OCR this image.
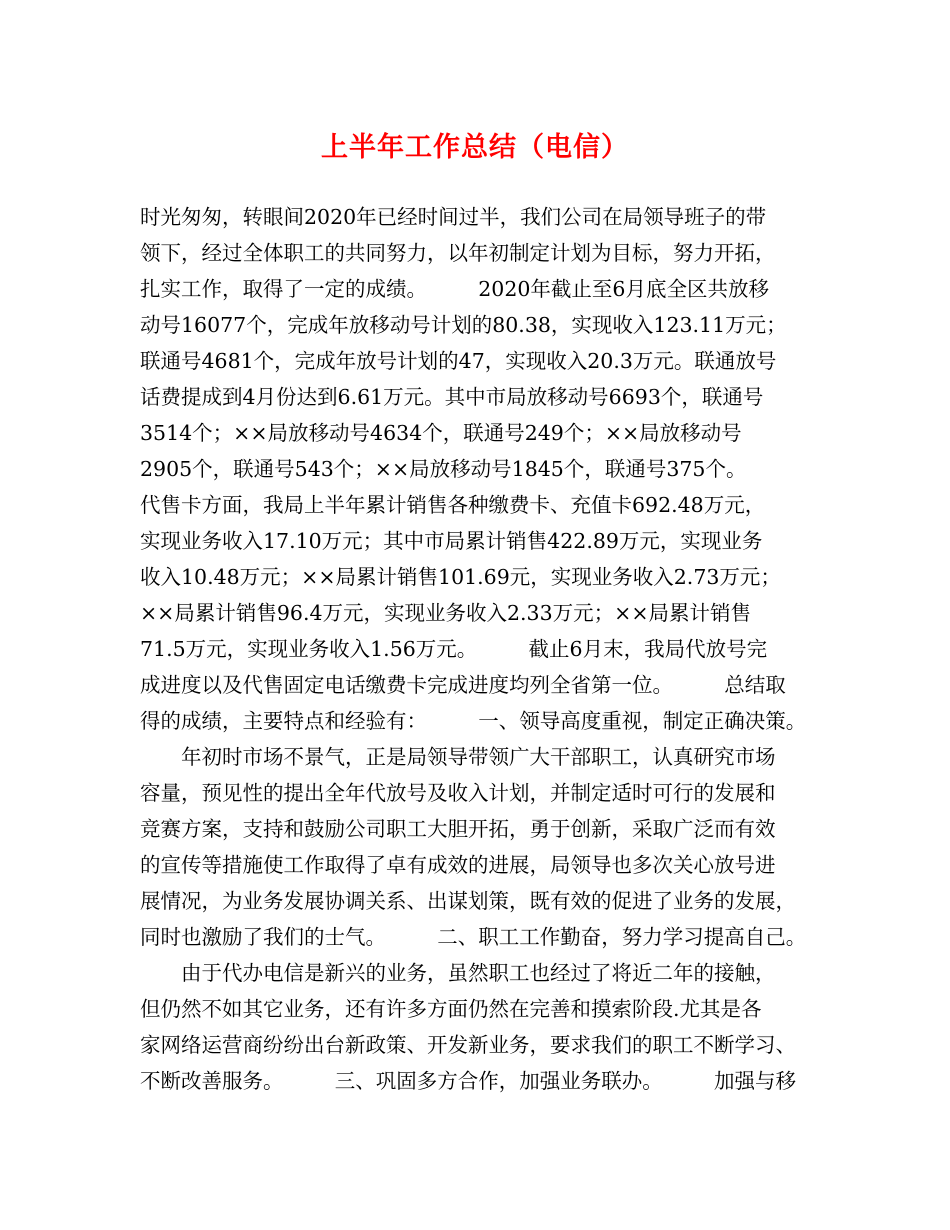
上半年工作总结（电信）
时光匆匆，转眼间2020年已经时间过半，我们公司在局领导班子的带
领下，经过全体职工的共同努力，以年初制定计划为目标，努力开拓，
扎实工作，取得了一定的成绩。　　　2020年截止至6月底全区共放移
动号16077个，完成年放移动号计划的80.38，实现收入123.11万元；
联通号4681个，完成年放号计划的47，实现收入20.3万元。联通放号
话费提成到4月份达到6.61万元。其中市局放移动号6693个，联通号
3514个；××局放移动号4634个，联通号249个；××局放移动号
2905个，联通号543个；××局放移动号1845个，联通号375个。
代售卡方面，我局上半年累计销售各种缴费卡、充值卡692.48万元，
实现业务收入17.10万元；其中市局累计销售422.89万元，实现业务
收入10.48万元；××局累计销售101.69元，实现业务收入2.73万元；
××局累计销售96.4万元，实现业务收入2.33万元；××局累计销售
71.5万元，实现业务收入1.56万元。　　　截止6月末，我局代放号完
成进度以及代售固定电话缴费卡完成进度均列全省第一位。　　　总结取
得的成绩，主要特点和经验有：　　　一、领导高度重视，制定正确决策。
　　年初时市场不景气，正是局领导带领广大干部职工，认真研究市场
容量，预见性的提出全年代放号及收入计划，并制定适时可行的发展和
竞赛方案，支持和鼓励公司职工大胆开拓，勇于创新，采取广泛而有效
的宣传等措施使工作取得了卓有成效的进展，局领导也多次关心放号进
展情况，为业务发展协调关系、出谋划策，既有效的促进了业务的发展，
同时也激励了我们的士气。　　　二、职工工作勤奋，努力学习提高自己。
　　由于代办电信是新兴的业务，虽然职工也经过了将近二年的接触，
但仍然不如其它业务，还有许多方面仍然在完善和摸索阶段.尤其是各
家网络运营商纷纷出台新政策、开发新业务，要求我们的职工不断学习、
不断改善服务。　　　三、巩固多方合作，加强业务联办。　　　加强与移
